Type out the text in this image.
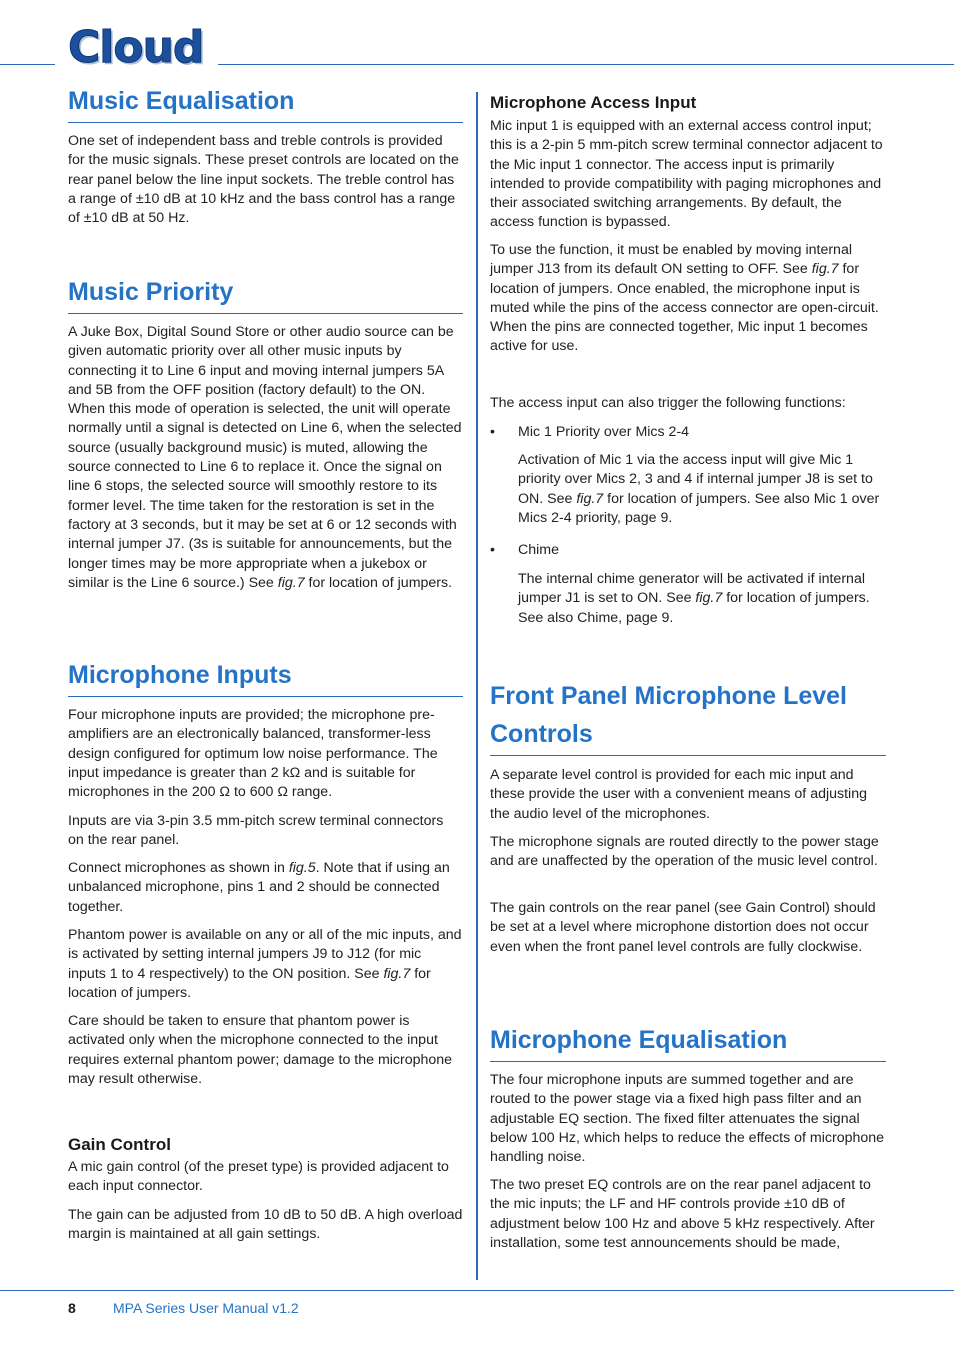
Cloud
Music Equalisation
One set of independent bass and treble controls is provided for the music signals. These preset controls are located on the rear panel below the line input sockets. The treble control has a range of ±10 dB at 10 kHz and the bass control has a range of ±10 dB at 50 Hz.
Music Priority
A Juke Box, Digital Sound Store or other audio source can be given automatic priority over all other music inputs by connecting it to Line 6 input and moving internal jumpers 5A and 5B from the OFF position (factory default) to the ON. When this mode of operation is selected, the unit will operate normally until a signal is detected on Line 6, when the selected source (usually background music) is muted, allowing the source connected to Line 6 to replace it. Once the signal on line 6 stops, the selected source will smoothly restore to its former level. The time taken for the restoration is set in the factory at 3 seconds, but it may be set at 6 or 12 seconds with internal jumper J7. (3s is suitable for announcements, but the longer times may be more appropriate when a jukebox or similar is the Line 6 source.) See fig.7 for location of jumpers.
Microphone Inputs
Four microphone inputs are provided; the microphone pre-amplifiers are an electronically balanced, transformer-less design configured for optimum low noise performance. The input impedance is greater than 2 kΩ and is suitable for microphones in the 200 Ω to 600 Ω range.
Inputs are via 3-pin 3.5 mm-pitch screw terminal connectors on the rear panel.
Connect microphones as shown in fig.5. Note that if using an unbalanced microphone, pins 1 and 2 should be connected together.
Phantom power is available on any or all of the mic inputs, and is activated by setting internal jumpers J9 to J12 (for mic inputs 1 to 4 respectively) to the ON position. See fig.7 for location of jumpers.
Care should be taken to ensure that phantom power is activated only when the microphone connected to the input requires external phantom power; damage to the microphone may result otherwise.
Gain Control
A mic gain control (of the preset type) is provided adjacent to each input connector.
The gain can be adjusted from 10 dB to 50 dB. A high overload margin is maintained at all gain settings.
Microphone Access Input
Mic input 1 is equipped with an external access control input; this is a 2-pin 5 mm-pitch screw terminal connector adjacent to the Mic input 1 connector. The access input is primarily intended to provide compatibility with paging microphones and their associated switching arrangements. By default, the access function is bypassed.
To use the function, it must be enabled by moving internal jumper J13 from its default ON setting to OFF. See fig.7 for location of jumpers. Once enabled, the microphone input is muted while the pins of the access connector are open-circuit. When the pins are connected together, Mic input 1 becomes active for use.
The access input can also trigger the following functions:
• Mic 1 Priority over Mics 2-4
Activation of Mic 1 via the access input will give Mic 1 priority over Mics 2, 3 and 4 if internal jumper J8 is set to ON. See fig.7 for location of jumpers. See also Mic 1 over Mics 2-4 priority, page 9.
• Chime
The internal chime generator will be activated if internal jumper J1 is set to ON. See fig.7 for location of jumpers. See also Chime, page 9.
Front Panel Microphone Level Controls
A separate level control is provided for each mic input and these provide the user with a convenient means of adjusting the audio level of the microphones.
The microphone signals are routed directly to the power stage and are unaffected by the operation of the music level control.
The gain controls on the rear panel (see Gain Control) should be set at a level where microphone distortion does not occur even when the front panel level controls are fully clockwise.
Microphone Equalisation
The four microphone inputs are summed together and are routed to the power stage via a fixed high pass filter and an adjustable EQ section. The fixed filter attenuates the signal below 100 Hz, which helps to reduce the effects of microphone handling noise.
The two preset EQ controls are on the rear panel adjacent to the mic inputs; the LF and HF controls provide ±10 dB of adjustment below 100 Hz and above 5 kHz respectively. After installation, some test announcements should be made,
8	MPA Series User Manual v1.2
